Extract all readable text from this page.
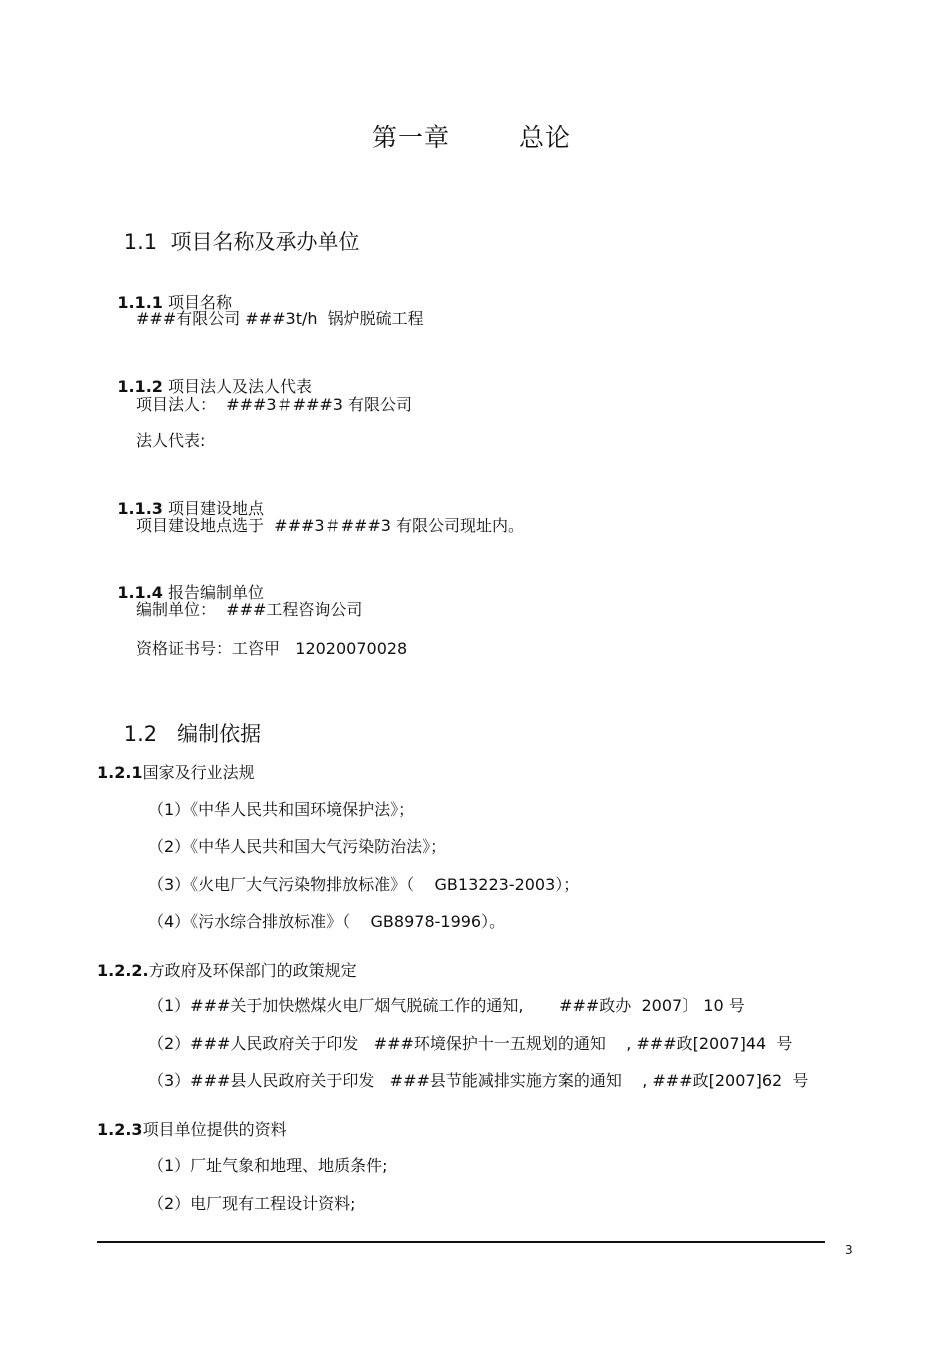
第一章	总论

1.1 项目名称及承办单位

1.1.1 项目名称

###有限公司 ###3t/h  锅炉脱硫工程

1.1.2 项目法人及法人代表

项目法人：  ###3＃###3 有限公司
法人代表:

1.1.3 项目建设地点

项目建设地点选于  ###3＃###3 有限公司现址内。

1.1.4 报告编制单位

编制单位：  ###工程咨询公司
资格证书号：工咨甲   12020070028

1.2 编制依据

1.2.1国家及行业法规
（1）《中华人民共和国环境保护法》；
（2）《中华人民共和国大气污染防治法》；
（3）《火电厂大气污染物排放标准》（    GB13223-2003）；
（4）《污水综合排放标准》（    GB8978-1996）。
1.2.2.方政府及环保部门的政策规定
（1）###关于加快燃煤火电厂烟气脱硫工作的通知,       ###政办  2007〕 10 号
（2）###人民政府关于印发   ###环境保护十一五规划的通知    , ###政[2007]44  号
（3）###县人民政府关于印发   ###县节能减排实施方案的通知    , ###政[2007]62  号
1.2.3项目单位提供的资料
（1）厂址气象和地理、地质条件;
（2）电厂现有工程设计资料;
3
